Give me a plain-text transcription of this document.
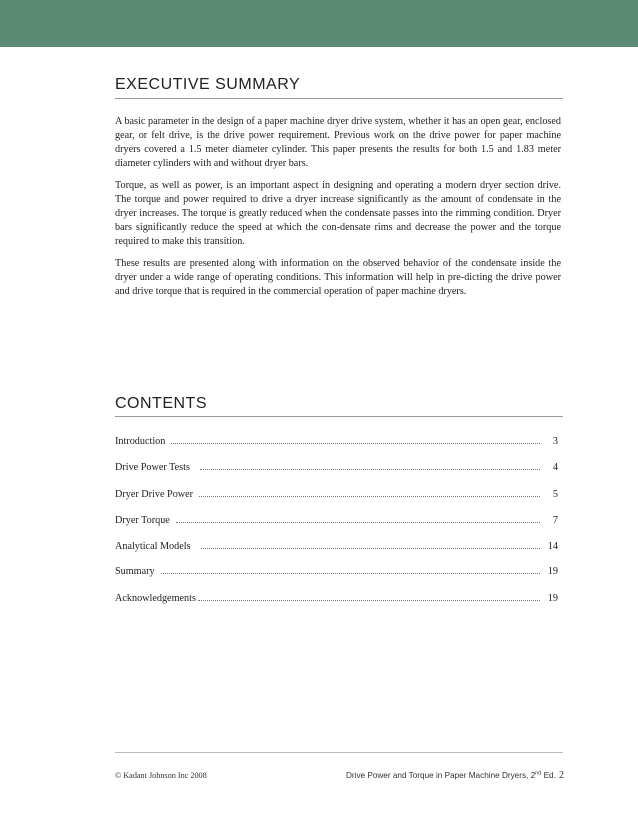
EXECUTIVE SUMMARY

A basic parameter in the design of a paper machine dryer drive system, whether it has an open gear, enclosed gear, or felt drive, is the drive power requirement. Previous work on the drive power for paper machine dryers covered a 1.5 meter diameter cylinder. This paper presents the results for both 1.5 and 1.83 meter diameter cylinders with and without dryer bars.

Torque, as well as power, is an important aspect in designing and operating a modern dryer section drive. The torque and power required to drive a dryer increase significantly as the amount of condensate in the dryer increases. The torque is greatly reduced when the condensate passes into the rimming condition. Dryer bars significantly reduce the speed at which the con-densate rims and decrease the power and the torque required to make this transition.

These results are presented along with information on the observed behavior of the condensate inside the dryer under a wide range of operating conditions. This information will help in pre-dicting the drive power and drive torque that is required in the commercial operation of paper machine dryers.

CONTENTS
Introduction	3
Drive Power Tests	4
Dryer Drive Power	5
Dryer Torque	7
Analytical Models	14
Summary	19
Acknowledgements	19
© Kadant Johnson Inc 2008	Drive Power and Torque in Paper Machine Dryers, 2nd Ed. 2
